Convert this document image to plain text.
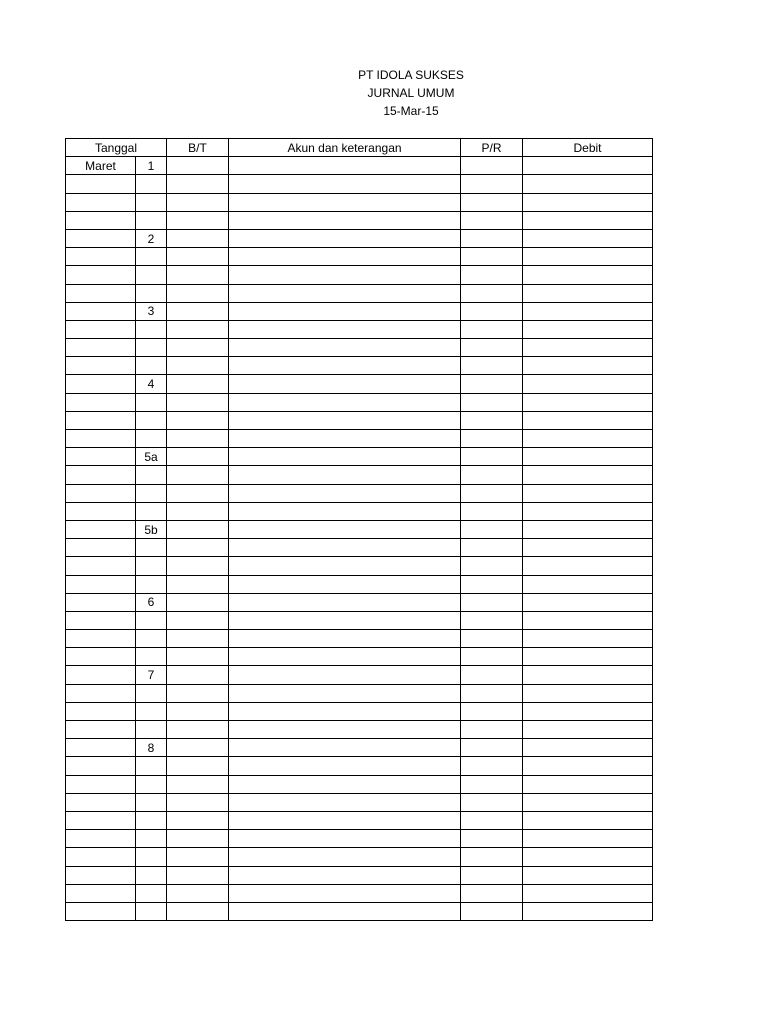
PT IDOLA SUKSES
JURNAL UMUM
15-Mar-15
Tanggal		B/T	Akun dan keterangan	P/R	Debit
Maret	1				

	2				

	3				

	4				

	5a				

	5b				

	6				

	7				

	8				
